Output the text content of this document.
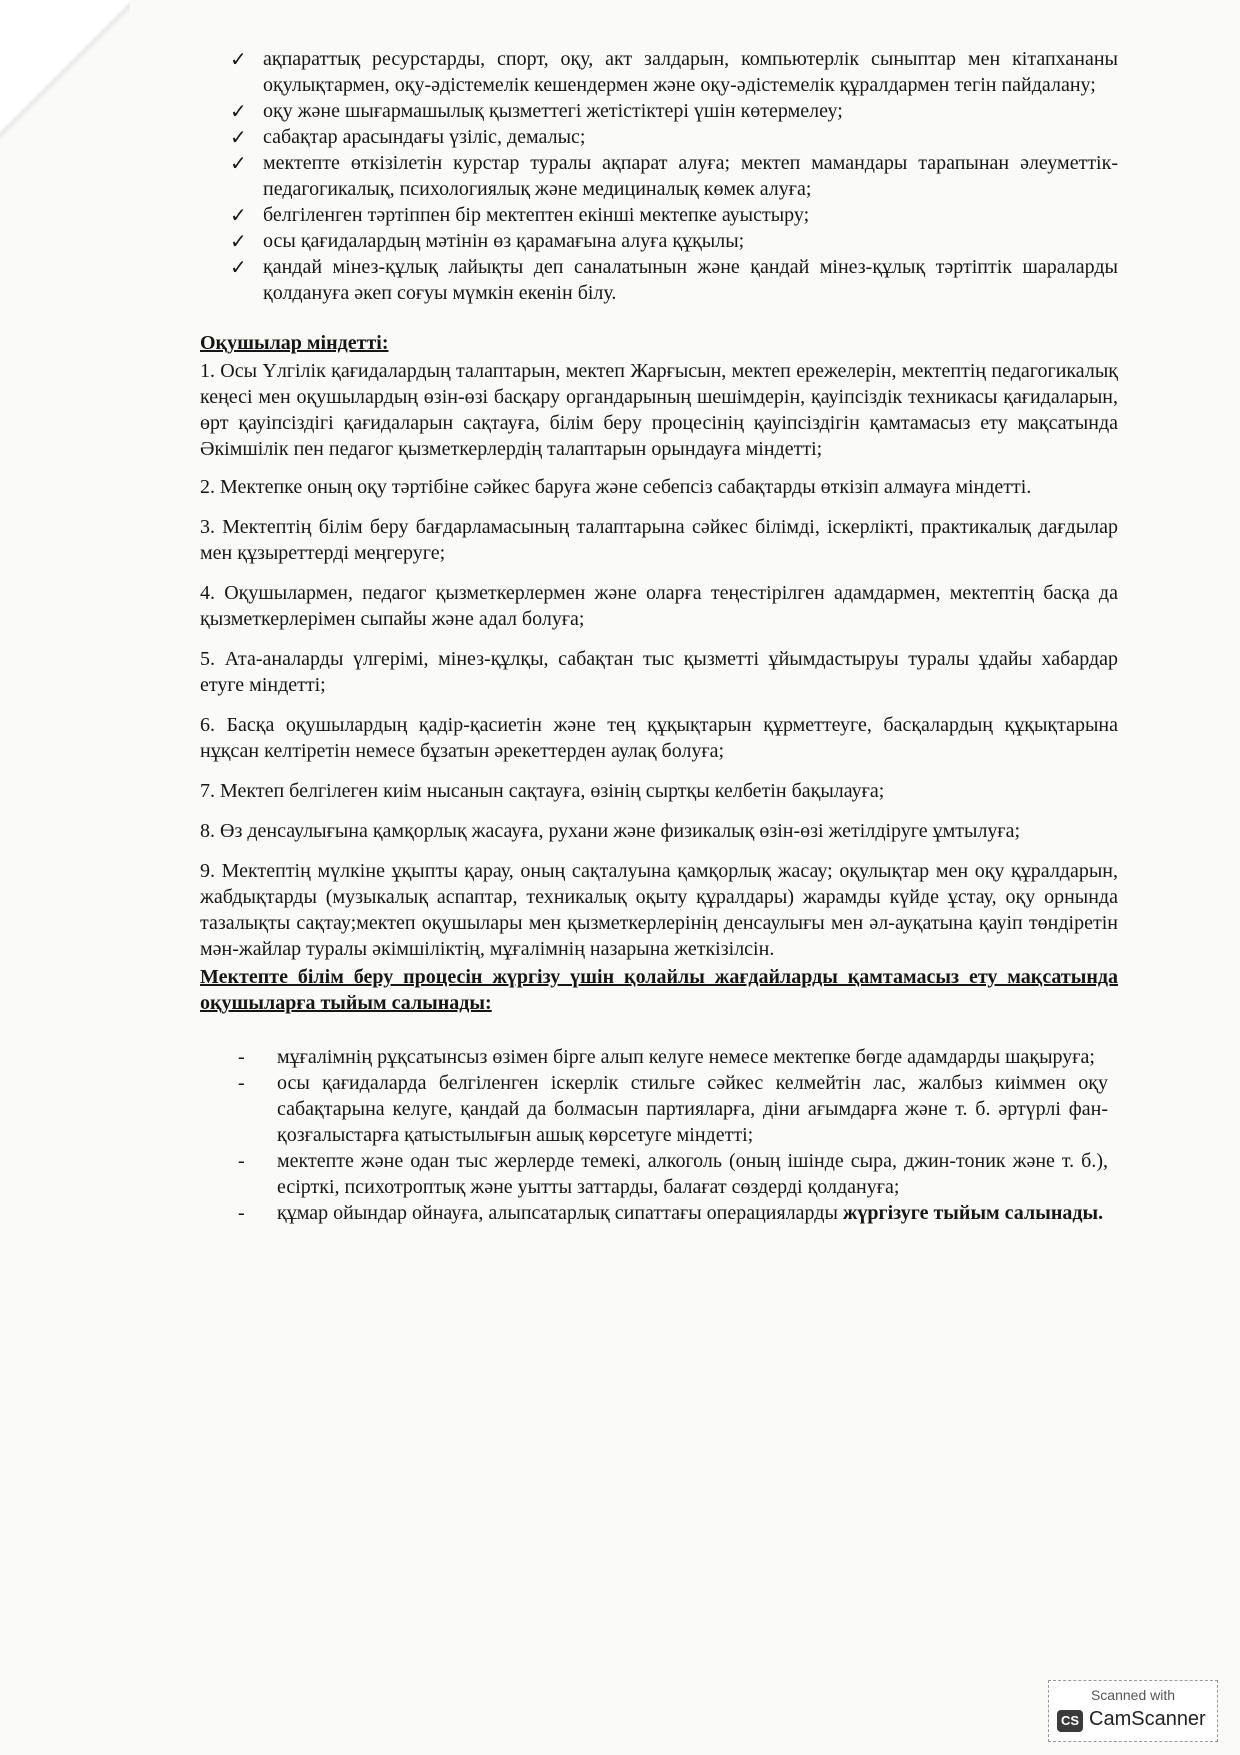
✓ ақпараттық ресурстарды, спорт, оқу, акт залдарын, компьютерлік сыныптар мен кітапхананы оқулықтармен, оқу-әдістемелік кешендермен және оқу-әдістемелік құралдармен тегін пайдалану;
✓ оқу және шығармашылық қызметтегі жетістіктері үшін көтермелеу;
✓ сабақтар арасындағы үзіліс, демалыс;
✓ мектепте өткізілетін курстар туралы ақпарат алуға; мектеп мамандары тарапынан әлеуметтік-педагогикалық, психологиялық және медициналық көмек алуға;
✓ белгіленген тәртіппен бір мектептен екінші мектепке ауыстыру;
✓ осы қағидалардың мәтінін өз қарамағына алуға құқылы;
✓ қандай мінез-құлық лайықты деп саналатынын және қандай мінез-құлық тәртіптік шараларды қолдануға әкеп соғуы мүмкін екенін білу.
Оқушылар міндетті:

1. Осы Үлгілік қағидалардың талаптарын, мектеп Жарғысын, мектеп ережелерін, мектептің педагогикалық кеңесі мен оқушылардың өзін-өзі басқару органдарының шешімдерін, қауіпсіздік техникасы қағидаларын, өрт қауіпсіздігі қағидаларын сақтауға, білім беру процесінің қауіпсіздігін қамтамасыз ету мақсатында Әкімшілік пен педагог қызметкерлердің талаптарын орындауға міндетті;

2. Мектепке оның оқу тәртібіне сәйкес баруға және себепсіз сабақтарды өткізіп алмауға міндетті.

3. Мектептің білім беру бағдарламасының талаптарына сәйкес білімді, іскерлікті, практикалық дағдылар мен құзыреттерді меңгеруге;

4. Оқушылармен, педагог қызметкерлермен және оларға теңестірілген адамдармен, мектептің басқа да қызметкерлерімен сыпайы және адал болуға;

5. Ата-аналарды үлгерімі, мінез-құлқы, сабақтан тыс қызметті ұйымдастыруы туралы ұдайы хабардар етуге міндетті;

6. Басқа оқушылардың қадір-қасиетін және тең құқықтарын құрметтеуге, басқалардың құқықтарына нұқсан келтіретін немесе бұзатын әрекеттерден аулақ болуға;

7. Мектеп белгілеген киім нысанын сақтауға, өзінің сыртқы келбетін бақылауға;

8. Өз денсаулығына қамқорлық жасауға, рухани және физикалық өзін-өзі жетілдіруге ұмтылуға;

9. Мектептің мүлкіне ұқыпты қарау, оның сақталуына қамқорлық жасау; оқулықтар мен оқу құралдарын, жабдықтарды (музыкалық аспаптар, техникалық оқыту құралдары) жарамды күйде ұстау, оқу орнында тазалықты сақтау;мектеп оқушылары мен қызметкерлерінің денсаулығы мен әл-ауқатына қауіп төндіретін мән-жайлар туралы әкімшіліктің, мұғалімнің назарына жеткізілсін.

Мектепте білім беру процесін жүргізу үшін қолайлы жағдайларды қамтамасыз ету мақсатында оқушыларға тыйым салынады:
- мұғалімнің рұқсатынсыз өзімен бірге алып келуге немесе мектепке бөгде адамдарды шақыруға;
- осы қағидаларда белгіленген іскерлік стильге сәйкес келмейтін лас, жалбыз киіммен оқу сабақтарына келуге, қандай да болмасын партияларға, діни ағымдарға және т. б. әртүрлі фан-қозғалыстарға қатыстылығын ашық көрсетуге міндетті;
- мектепте және одан тыс жерлерде темекі, алкоголь (оның ішінде сыра, джин-тоник және т. б.), есірткі, психотроптық және уытты заттарды, балағат сөздерді қолдануға;
- құмар ойындар ойнауға, алыпсатарлық сипаттағы операцияларды жүргізуге тыйым салынады.
Scanned with
CS CamScanner
